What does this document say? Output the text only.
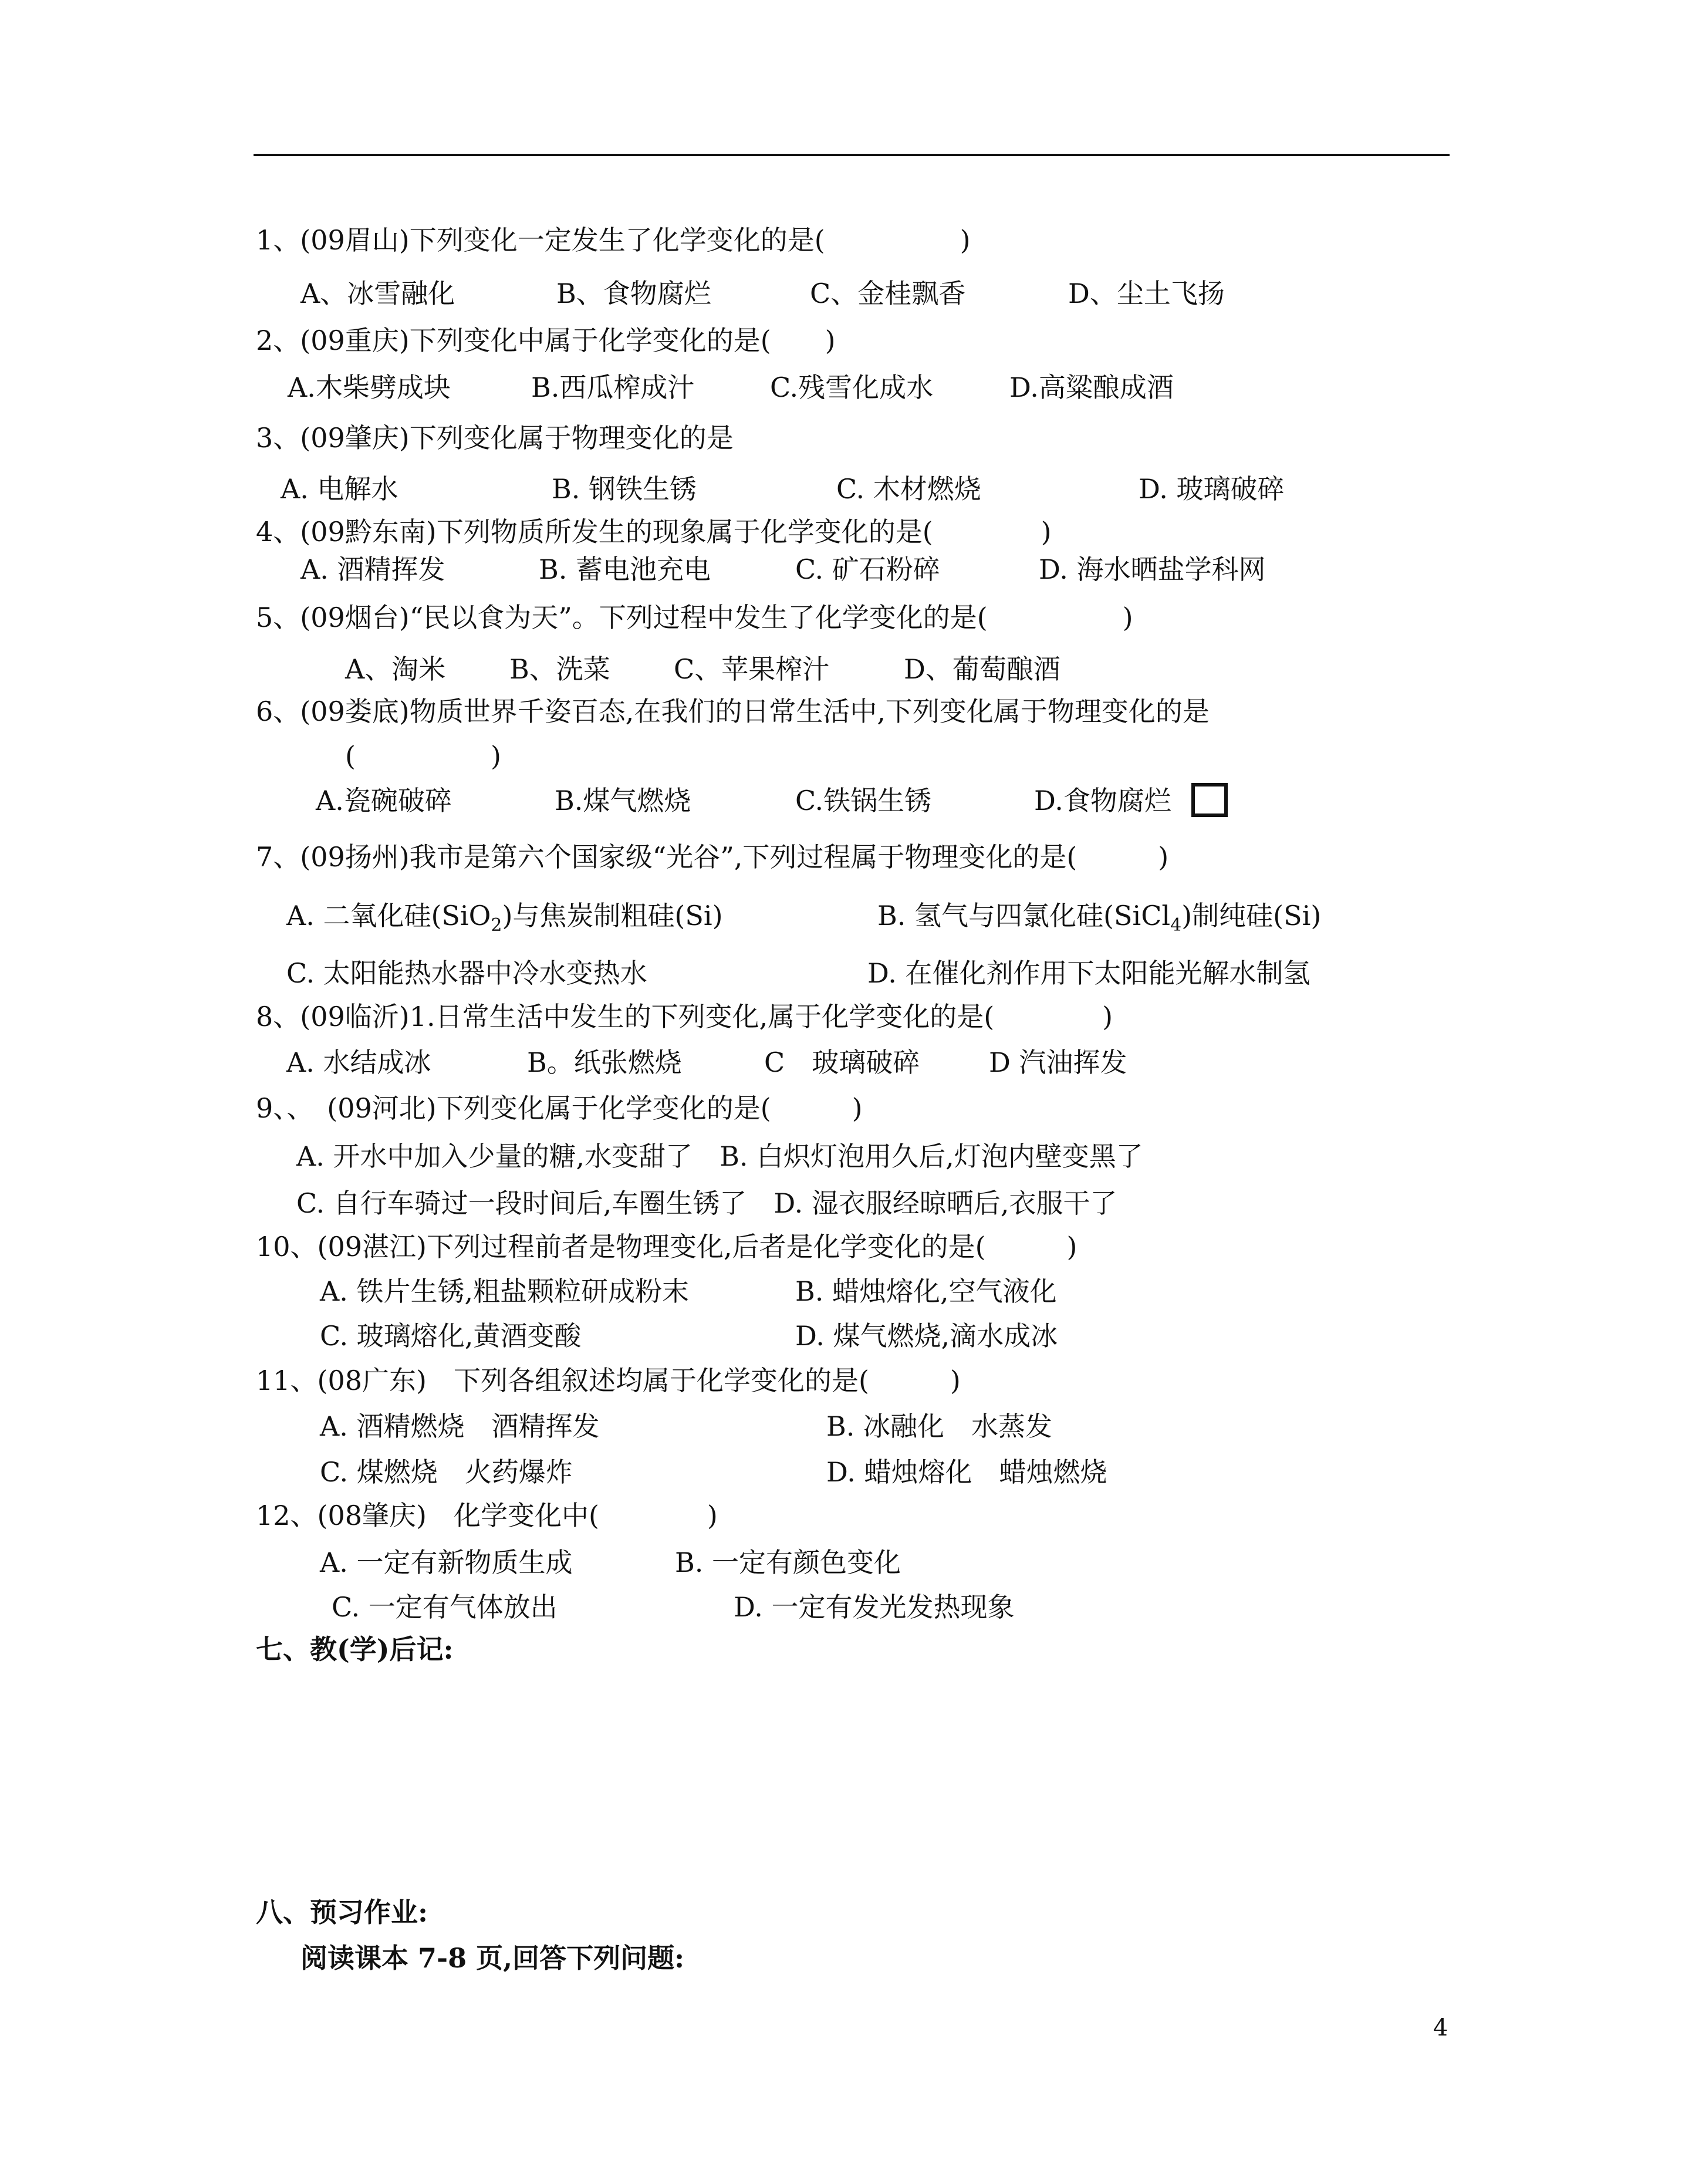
1、(09眉山)下列变化一定发生了化学变化的是(　　　　　)
A、冰雪融化	B、食物腐烂	C、金桂飘香	D、尘土飞扬
2、(09重庆)下列变化中属于化学变化的是(　　)
A.木柴劈成块	B.西瓜榨成汁	C.残雪化成水	D.高粱酿成酒
3、(09肇庆)下列变化属于物理变化的是
A. 电解水	B. 钢铁生锈	C. 木材燃烧	D. 玻璃破碎
4、(09黔东南)下列物质所发生的现象属于化学变化的是(　　　　)
A. 酒精挥发	B. 蓄电池充电	C. 矿石粉碎	D. 海水晒盐学科网
5、(09烟台)“民以食为天”。下列过程中发生了化学变化的是(　　　　　)
A、淘米 B、洗菜 C、苹果榨汁	D、葡萄酿酒
6、(09娄底)物质世界千姿百态,在我们的日常生活中,下列变化属于物理变化的是
(　　　　　)
A.瓷碗破碎	B.煤气燃烧	C.铁锅生锈	D.食物腐烂
7、(09扬州)我市是第六个国家级“光谷”,下列过程属于物理变化的是(　　　)
A. 二氧化硅(SiO$_2$)与焦炭制粗硅(Si)	B. 氢气与四氯化硅(SiCl$_4$)制纯硅(Si)
C. 太阳能热水器中冷水变热水	D. 在催化剂作用下太阳能光解水制氢
8、(09临沂)1.日常生活中发生的下列变化,属于化学变化的是(　　　　)
A. 水结成冰	B。纸张燃烧	C　玻璃破碎	D 汽油挥发
9、、　(09河北)下列变化属于化学变化的是(　　　)
A. 开水中加入少量的糖,水变甜了　B. 白炽灯泡用久后,灯泡内壁变黑了
C. 自行车骑过一段时间后,车圈生锈了　D. 湿衣服经晾晒后,衣服干了
10、(09湛江)下列过程前者是物理变化,后者是化学变化的是(　　　)
A. 铁片生锈,粗盐颗粒研成粉末	B. 蜡烛熔化,空气液化
C. 玻璃熔化,黄酒变酸	D. 煤气燃烧,滴水成冰
11、(08广东)　下列各组叙述均属于化学变化的是(　　　)
A. 酒精燃烧　酒精挥发	B. 冰融化　水蒸发
C. 煤燃烧　火药爆炸	D. 蜡烛熔化　蜡烛燃烧
12、(08肇庆)　化学变化中(　　　　)
A. 一定有新物质生成	B. 一定有颜色变化
C. 一定有气体放出	D. 一定有发光发热现象
七、教(学)后记:
八、预习作业:
阅读课本 7-8 页,回答下列问题:
4
